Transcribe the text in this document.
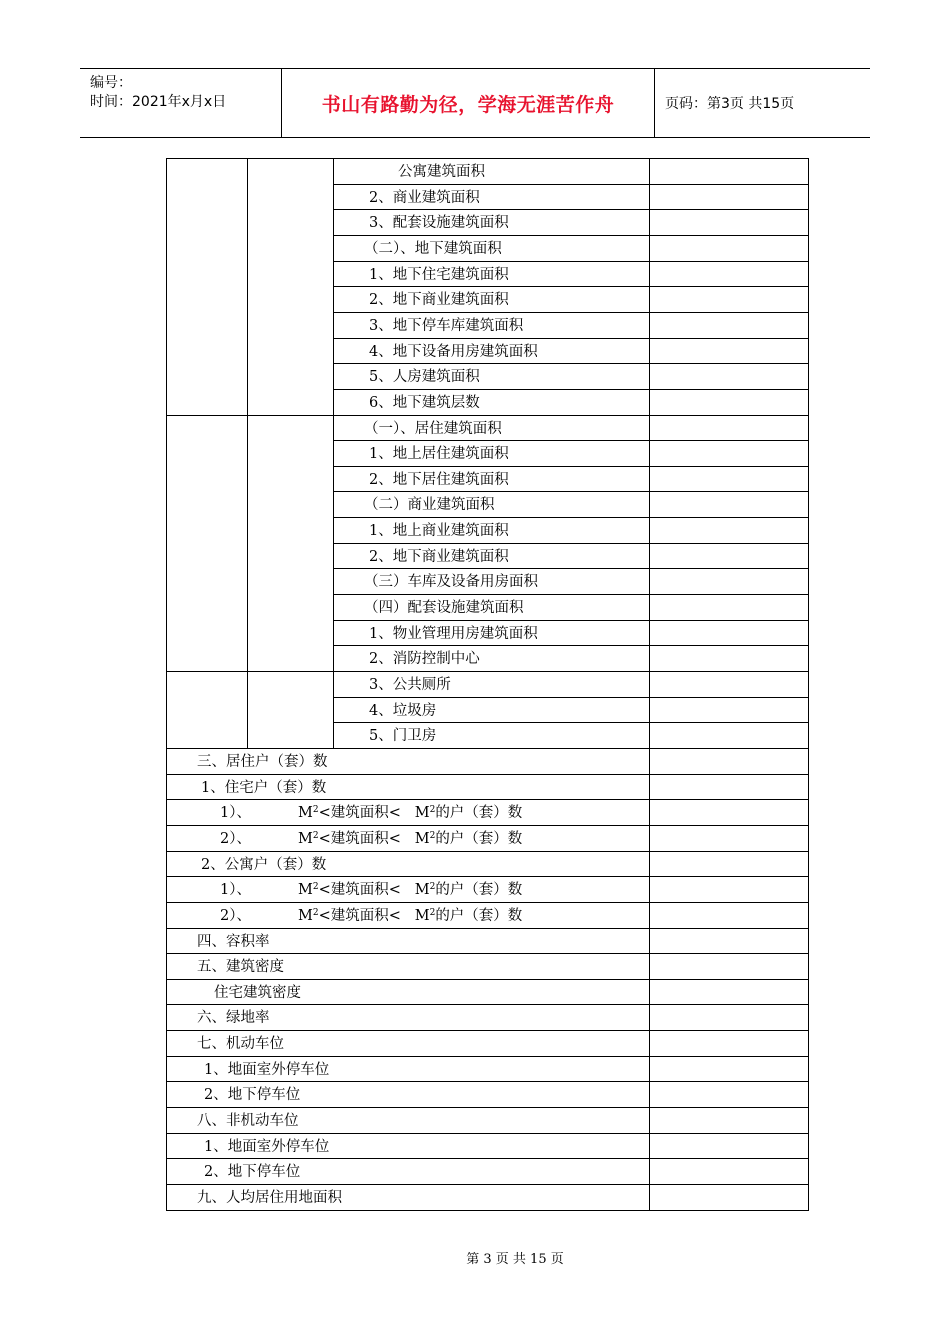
编号：
时间：2021年x月x日	书山有路勤为径，学海无涯苦作舟	页码：第3页 共15页
公寓建筑面积
2、商业建筑面积
3、配套设施建筑面积
（二）、地下建筑面积
1、地下住宅建筑面积
2、地下商业建筑面积
3、地下停车库建筑面积
4、地下设备用房建筑面积
5、人房建筑面积
6、地下建筑层数
（一）、居住建筑面积
1、地上居住建筑面积
2、地下居住建筑面积
（二）商业建筑面积
1、地上商业建筑面积
2、地下商业建筑面积
（三）车库及设备用房面积
（四）配套设施建筑面积
1、物业管理用房建筑面积
2、消防控制中心
3、公共厕所
4、垃圾房
5、门卫房
三、居住户（套）数
1、住宅户（套）数
1）、	$M^2<$建筑面积<   $M^2$的户（套）数
2）、	$M^2<$建筑面积<   $M^2$的户（套）数
2、公寓户（套）数
1）、	$M^2<$建筑面积<   $M^2$的户（套）数
2）、	$M^2<$建筑面积<   $M^2$的户（套）数
四、容积率
五、建筑密度
住宅建筑密度
六、绿地率
七、机动车位
1、地面室外停车位
2、地下停车位
八、非机动车位
1、地面室外停车位
2、地下停车位
九、人均居住用地面积
第 3 页 共 15 页
